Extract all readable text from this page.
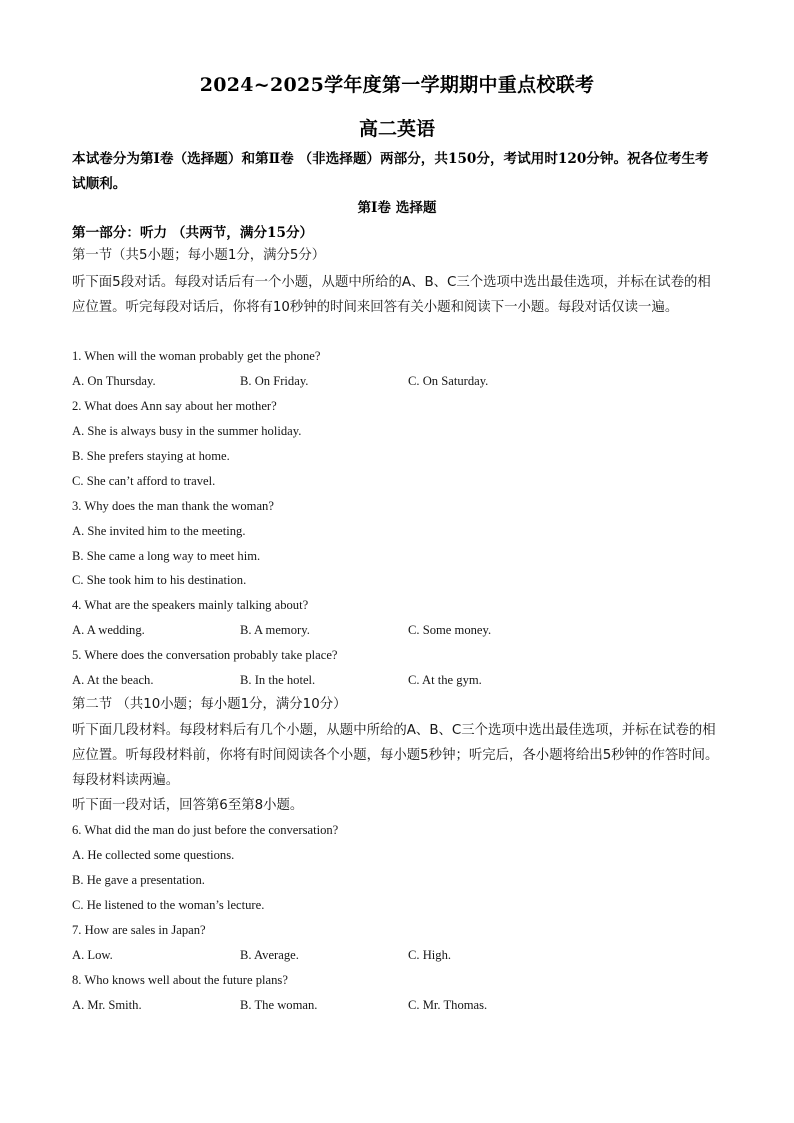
2024~2025学年度第一学期期中重点校联考
高二英语
本试卷分为第Ⅰ卷（选择题）和第Ⅱ卷 （非选择题）两部分，共150分，考试用时120分钟。祝各位考生考试顺利。
第Ⅰ卷 选择题
第一部分：听力 （共两节，满分15分）
第一节（共5小题；每小题1分，满分5分）
听下面5段对话。每段对话后有一个小题，从题中所给的A、B、C三个选项中选出最佳选项，并标在试卷的相应位置。听完每段对话后，你将有10秒钟的时间来回答有关小题和阅读下一小题。每段对话仅读一遍。
1. When will the woman probably get the phone?
A. On Thursday.	B. On Friday.	C. On Saturday.
2. What does Ann say about her mother?
A. She is always busy in the summer holiday.
B. She prefers staying at home.
C. She can’t afford to travel.
3. Why does the man thank the woman?
A. She invited him to the meeting.
B. She came a long way to meet him.
C. She took him to his destination.
4. What are the speakers mainly talking about?
A. A wedding.	B. A memory.	C. Some money.
5. Where does the conversation probably take place?
A. At the beach.	B. In the hotel.	C. At the gym.
第二节 （共10小题；每小题1分，满分10分）
听下面几段材料。每段材料后有几个小题，从题中所给的A、B、C三个选项中选出最佳选项，并标在试卷的相应位置。听每段材料前，你将有时间阅读各个小题，每小题5秒钟；听完后，各小题将给出5秒钟的作答时间。每段材料读两遍。
听下面一段对话，回答第6至第8小题。
6. What did the man do just before the conversation?
A. He collected some questions.
B. He gave a presentation.
C. He listened to the woman’s lecture.
7. How are sales in Japan?
A. Low.	B. Average.	C. High.
8. Who knows well about the future plans?
A. Mr. Smith.	B. The woman.	C. Mr. Thomas.
